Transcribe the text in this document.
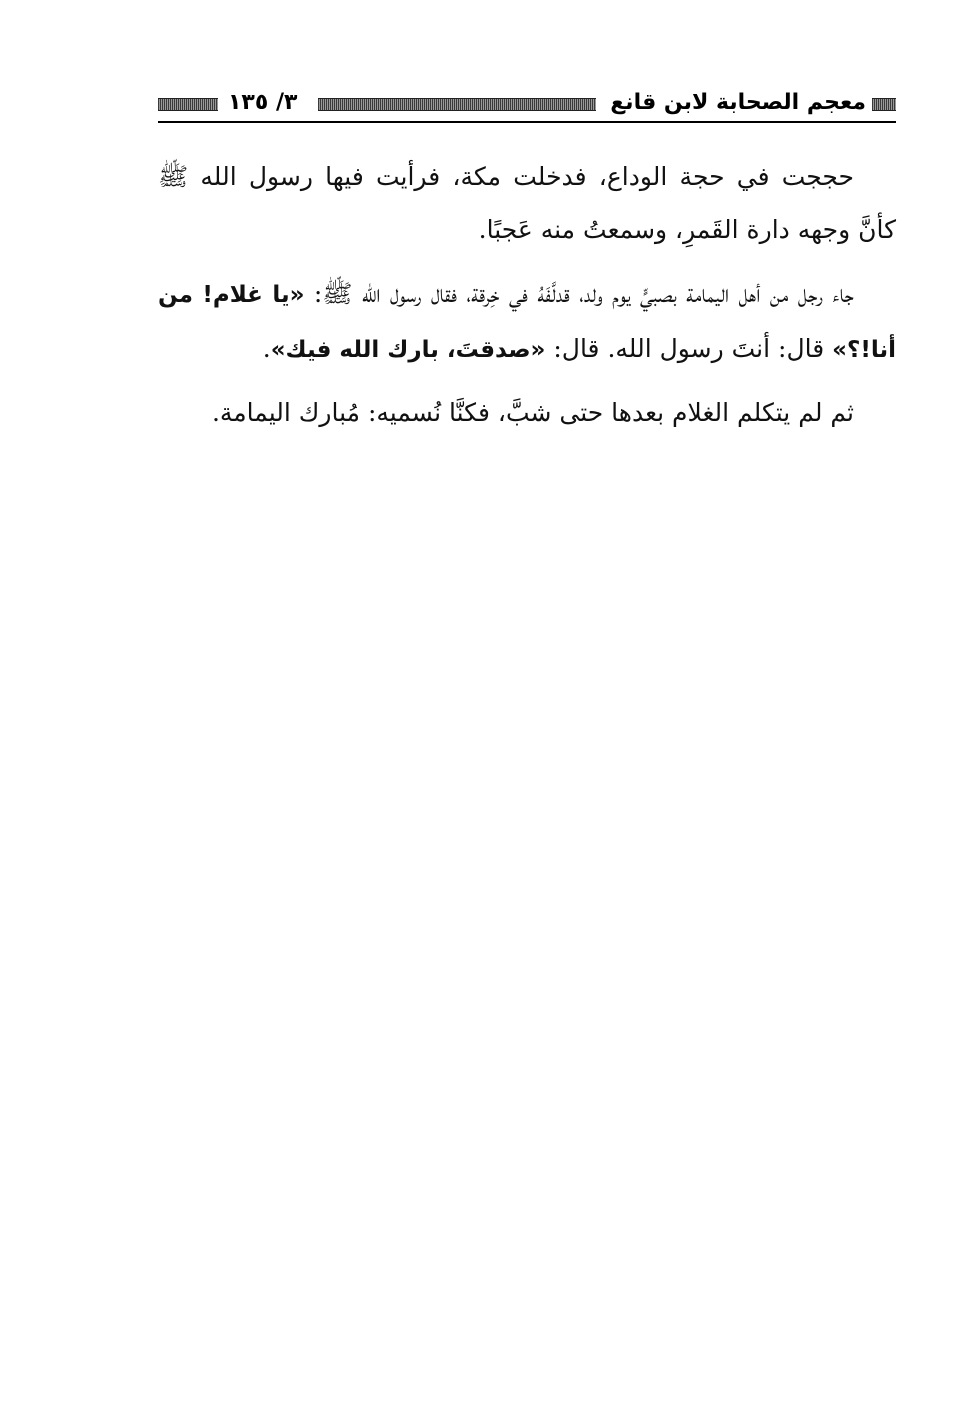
معجم الصحابة لابن قانع
٣/ ١٣٥

حججت في حجة الوداع، فدخلت مكة، فرأيت فيها رسول الله ﷺ كأنَّ وجهه دارة القَمرِ، وسمعتُ منه عَجبًا.

جاء رجل من أهل اليمامة بصبيٍّ يوم ولد، قدلَّفَهُ في خِرقة، فقال رسول الله ﷺ: «يا غلام! من أنا!؟» قال: أنتَ رسول الله. قال: «صدقتَ، بارك الله فيك».

ثم لم يتكلم الغلام بعدها حتى شبَّ، فكنَّا نُسميه: مُبارك اليمامة.
